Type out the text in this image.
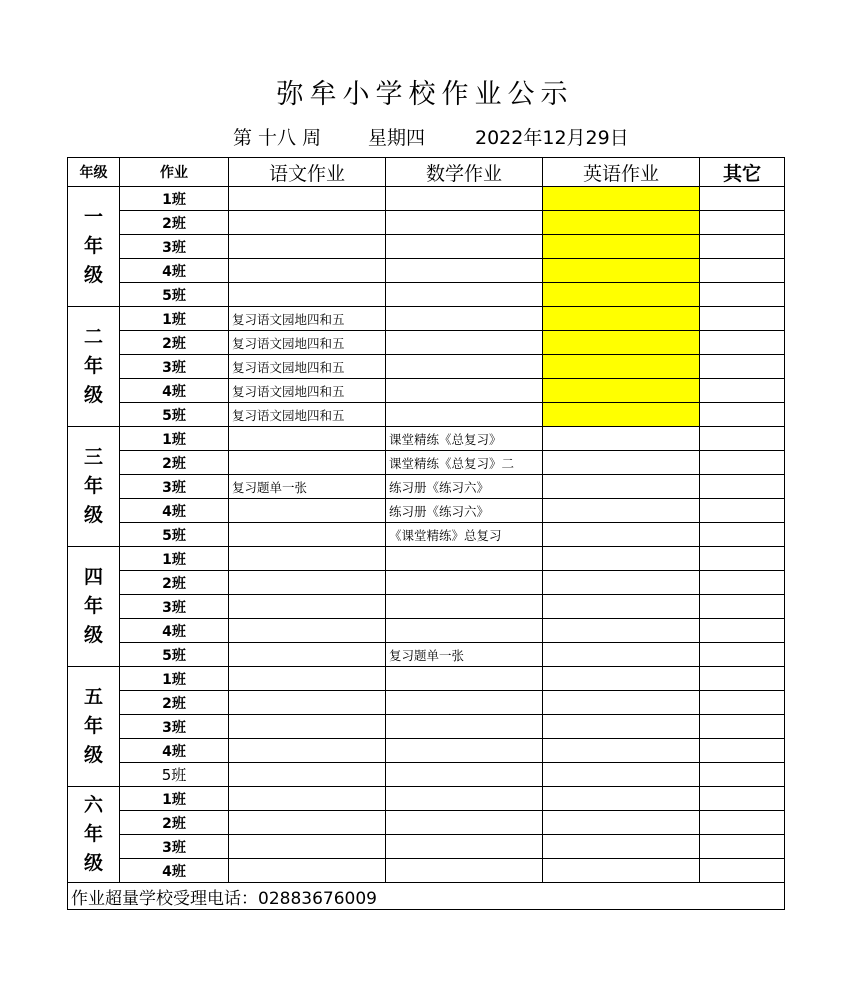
弥牟小学校作业公示
第 十八 周 星期四	2022年12月29日
年级	作业	语文作业	数学作业	英语作业	其它

一
年
级	1班				
	2班				
	3班				
	4班				
	5班				

二
年
级	1班	复习语文园地四和五			
	2班	复习语文园地四和五			
	3班	复习语文园地四和五			
	4班	复习语文园地四和五			
	5班	复习语文园地四和五			

三
年
级	1班		课堂精练《总复习》		
	2班		课堂精练《总复习》二		
	3班	复习题单一张	练习册《练习六》		
	4班		练习册《练习六》		
	5班		《课堂精练》总复习		

四
年
级	1班				
	2班				
	3班				
	4班				
	5班		复习题单一张		

五
年
级	1班				
	2班				
	3班				
	4班				
	5班				

六
年
级	1班				
	2班				
	3班				
	4班				
作业超量学校受理电话：02883676009					
